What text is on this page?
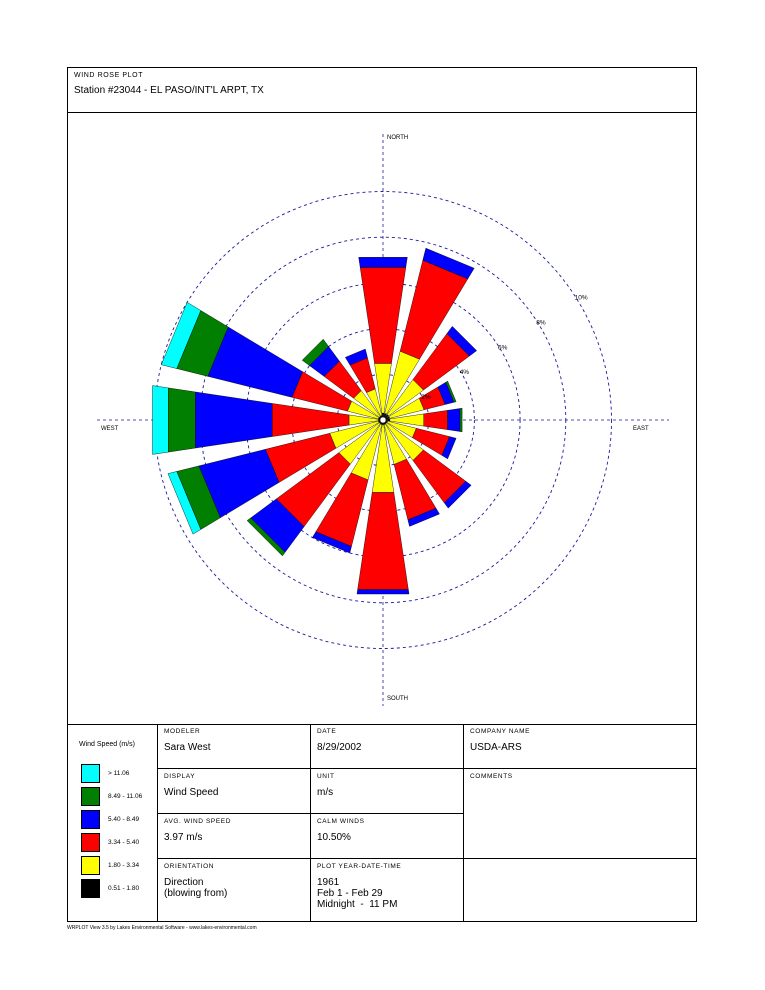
WIND ROSE PLOT
Station #23044 - EL PASO/INT'L ARPT, TX
2%
4%
6%
8%
10%
NORTH
SOUTH
EAST
WEST
Wind Speed (m/s)
> 11.06
8.49 - 11.06
5.40 - 8.49
3.34 - 5.40
1.80 - 3.34
0.51 - 1.80
MODELER
Sara West
DATE
8/29/2002
COMPANY NAME
USDA-ARS
DISPLAY
Wind Speed
UNIT
m/s
COMMENTS
AVG. WIND SPEED
3.97 m/s
CALM WINDS
10.50%
ORIENTATION
Direction
(blowing from)
PLOT YEAR-DATE-TIME
1961
Feb 1 - Feb 29
Midnight  -  11 PM
WRPLOT View 3.5 by Lakes Environmental Software - www.lakes-environmental.com
